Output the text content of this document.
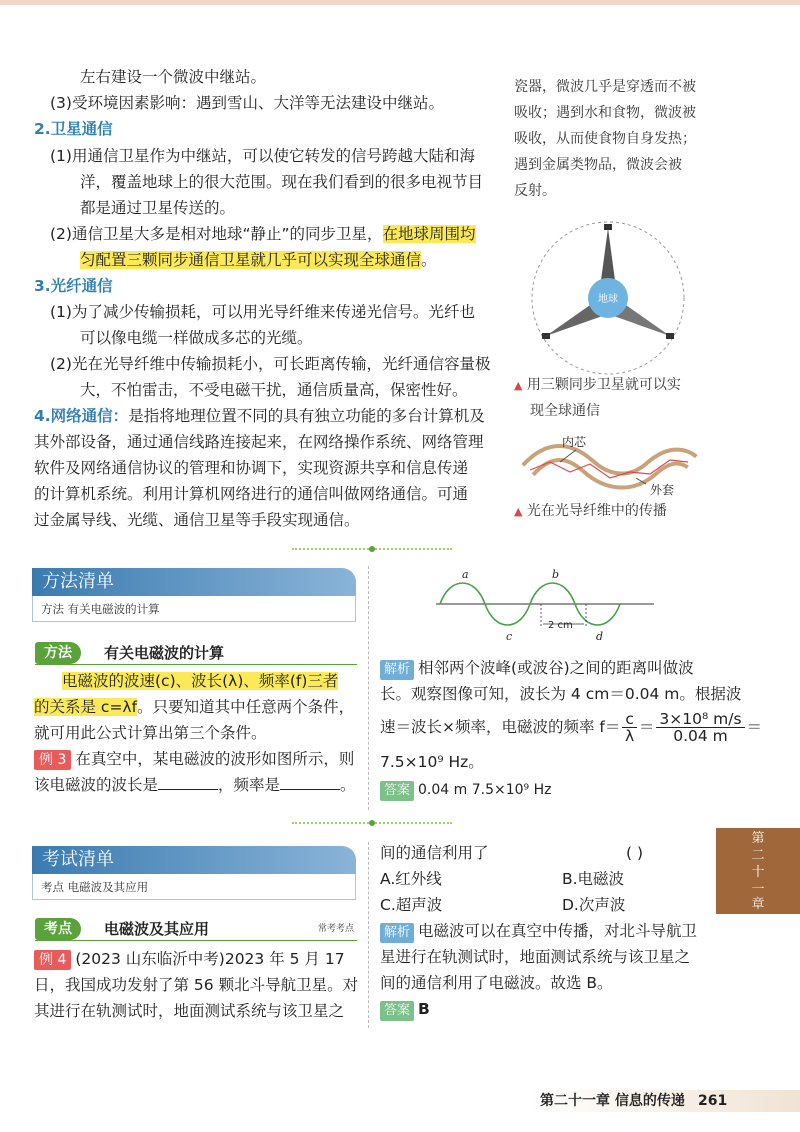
左右建设一个微波中继站。
(3)受环境因素影响：遇到雪山、大洋等无法建设中继站。
2.卫星通信
(1)用通信卫星作为中继站，可以使它转发的信号跨越大陆和海
洋，覆盖地球上的很大范围。现在我们看到的很多电视节目
都是通过卫星传送的。
(2)通信卫星大多是相对地球“静止”的同步卫星，在地球周围均
匀配置三颗同步通信卫星就几乎可以实现全球通信。
3.光纤通信
(1)为了减少传输损耗，可以用光导纤维来传递光信号。光纤也
可以像电缆一样做成多芯的光缆。
(2)光在光导纤维中传输损耗小，可长距离传输，光纤通信容量极
大，不怕雷击，不受电磁干扰，通信质量高，保密性好。
4.网络通信：是指将地理位置不同的具有独立功能的多台计算机及
其外部设备，通过通信线路连接起来，在网络操作系统、网络管理
软件及网络通信协议的管理和协调下，实现资源共享和信息传递
的计算机系统。利用计算机网络进行的通信叫做网络通信。可通
过金属导线、光缆、通信卫星等手段实现通信。
瓷器，微波几乎是穿透而不被
吸收；遇到水和食物，微波被
吸收，从而使食物自身发热；
遇到金属类物品，微波会被
反射。
地球
▲ 用三颗同步卫星就可以实
现全球通信
内芯
外套
▲ 光在光导纤维中的传播
方法清单
方法 有关电磁波的计算
方法	有关电磁波的计算
电磁波的波速(c)、波长(λ)、频率(f)三者
的关系是 c=λf。只要知道其中任意两个条件，
就可用此公式计算出第三个条件。
例 3 在真空中，某电磁波的波形如图所示，则
该电磁波的波长是	，频率是	。
a	b
c	d
2 cm
解析 相邻两个波峰(或波谷)之间的距离叫做波
长。观察图像可知，波长为 4 cm＝0.04 m。根据波
速＝波长×频率，电磁波的频率 $f= \frac{c}{\lambda} = \frac{\text{3×10⁸ m/s}}{0.04 m}$ ＝
7.5×10⁹ Hz。
答案 0.04 m 7.5×10⁹ Hz
考试清单
考点 电磁波及其应用
考点	电磁波及其应用	常考考点
例 4 (2023 山东临沂中考)2023 年 5 月 17
日，我国成功发射了第 56 颗北斗导航卫星。对
其进行在轨测试时，地面测试系统与该卫星之
间的通信利用了	( )
A.红外线	B.电磁波
C.超声波	D.次声波
解析 电磁波可以在真空中传播，对北斗导航卫
星进行在轨测试时，地面测试系统与该卫星之
间的通信利用了电磁波。故选 B。
答案 B
第
二
十
一
章
第二十一章 信息的传递 261
